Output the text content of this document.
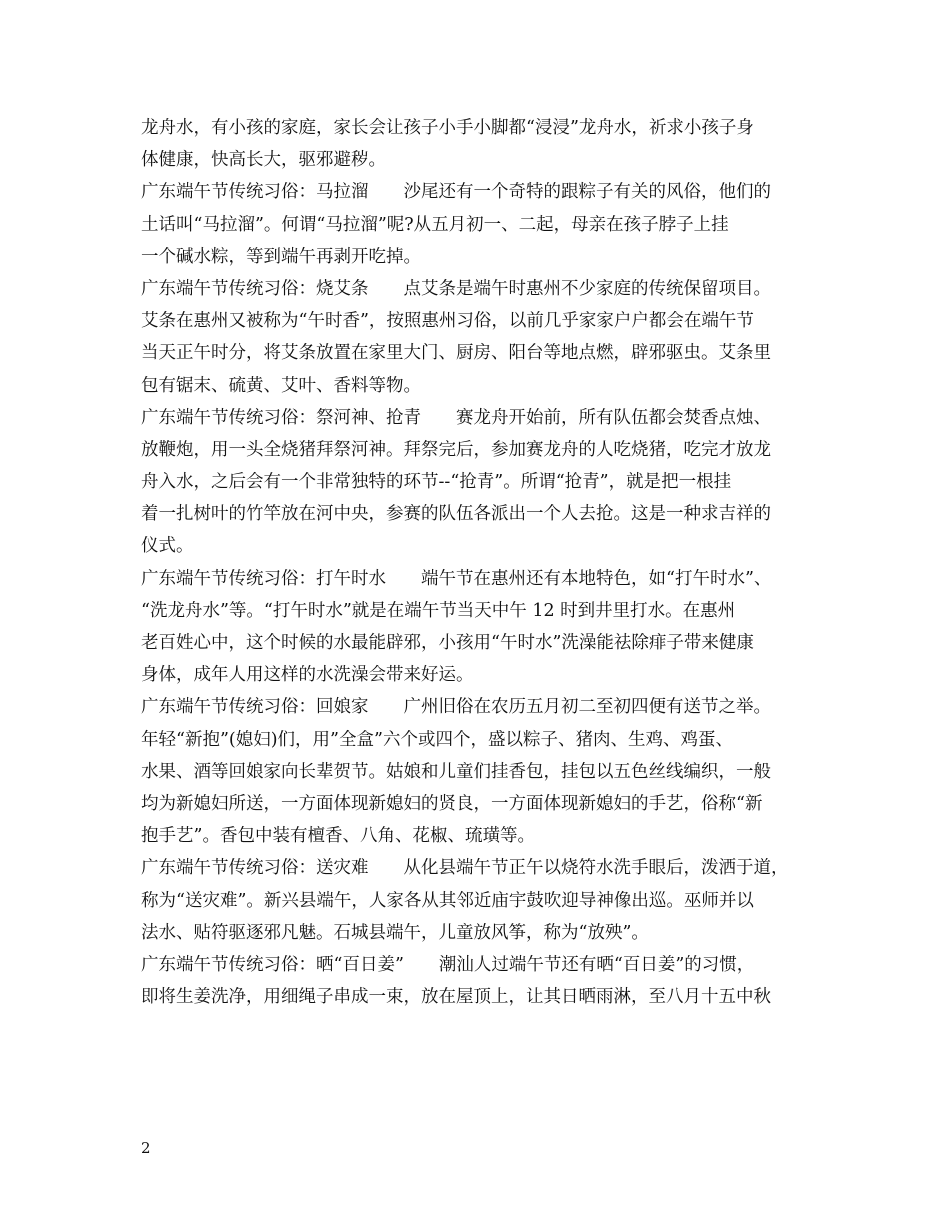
龙舟水，有小孩的家庭，家长会让孩子小手小脚都“浸浸”龙舟水，祈求小孩子身
体健康，快高长大，驱邪避秽。
广东端午节传统习俗：马拉溜　　沙尾还有一个奇特的跟粽子有关的风俗，他们的
土话叫“马拉溜”。何谓“马拉溜”呢?从五月初一、二起，母亲在孩子脖子上挂
一个碱水粽，等到端午再剥开吃掉。
广东端午节传统习俗：烧艾条　　点艾条是端午时惠州不少家庭的传统保留项目。
艾条在惠州又被称为“午时香”，按照惠州习俗，以前几乎家家户户都会在端午节
当天正午时分，将艾条放置在家里大门、厨房、阳台等地点燃，辟邪驱虫。艾条里
包有锯末、硫黄、艾叶、香料等物。
广东端午节传统习俗：祭河神、抢青　　赛龙舟开始前，所有队伍都会焚香点烛、
放鞭炮，用一头全烧猪拜祭河神。拜祭完后，参加赛龙舟的人吃烧猪，吃完才放龙
舟入水，之后会有一个非常独特的环节--“抢青”。所谓“抢青”，就是把一根挂
着一扎树叶的竹竿放在河中央，参赛的队伍各派出一个人去抢。这是一种求吉祥的
仪式。
广东端午节传统习俗：打午时水　　端午节在惠州还有本地特色，如“打午时水”、
“洗龙舟水”等。“打午时水”就是在端午节当天中午 12 时到井里打水。在惠州
老百姓心中，这个时候的水最能辟邪，小孩用“午时水”洗澡能祛除痱子带来健康
身体，成年人用这样的水洗澡会带来好运。
广东端午节传统习俗：回娘家　　广州旧俗在农历五月初二至初四便有送节之举。
年轻“新抱”(媳妇)们，用”全盒”六个或四个，盛以粽子、猪肉、生鸡、鸡蛋、
水果、酒等回娘家向长辈贺节。姑娘和儿童们挂香包，挂包以五色丝线编织，一般
均为新媳妇所送，一方面体现新媳妇的贤良，一方面体现新媳妇的手艺，俗称“新
抱手艺”。香包中装有檀香、八角、花椒、琉璜等。
广东端午节传统习俗：送灾难　　从化县端午节正午以烧符水洗手眼后，泼洒于道，
称为“送灾难”。新兴县端午，人家各从其邻近庙宇鼓吹迎导神像出巡。巫师并以
法水、贴符驱逐邪凡魅。石城县端午，儿童放风筝，称为“放殃”。
广东端午节传统习俗：晒“百日姜”　　潮汕人过端午节还有晒“百日姜”的习惯，
即将生姜洗净，用细绳子串成一束，放在屋顶上，让其日晒雨淋，至八月十五中秋
2
